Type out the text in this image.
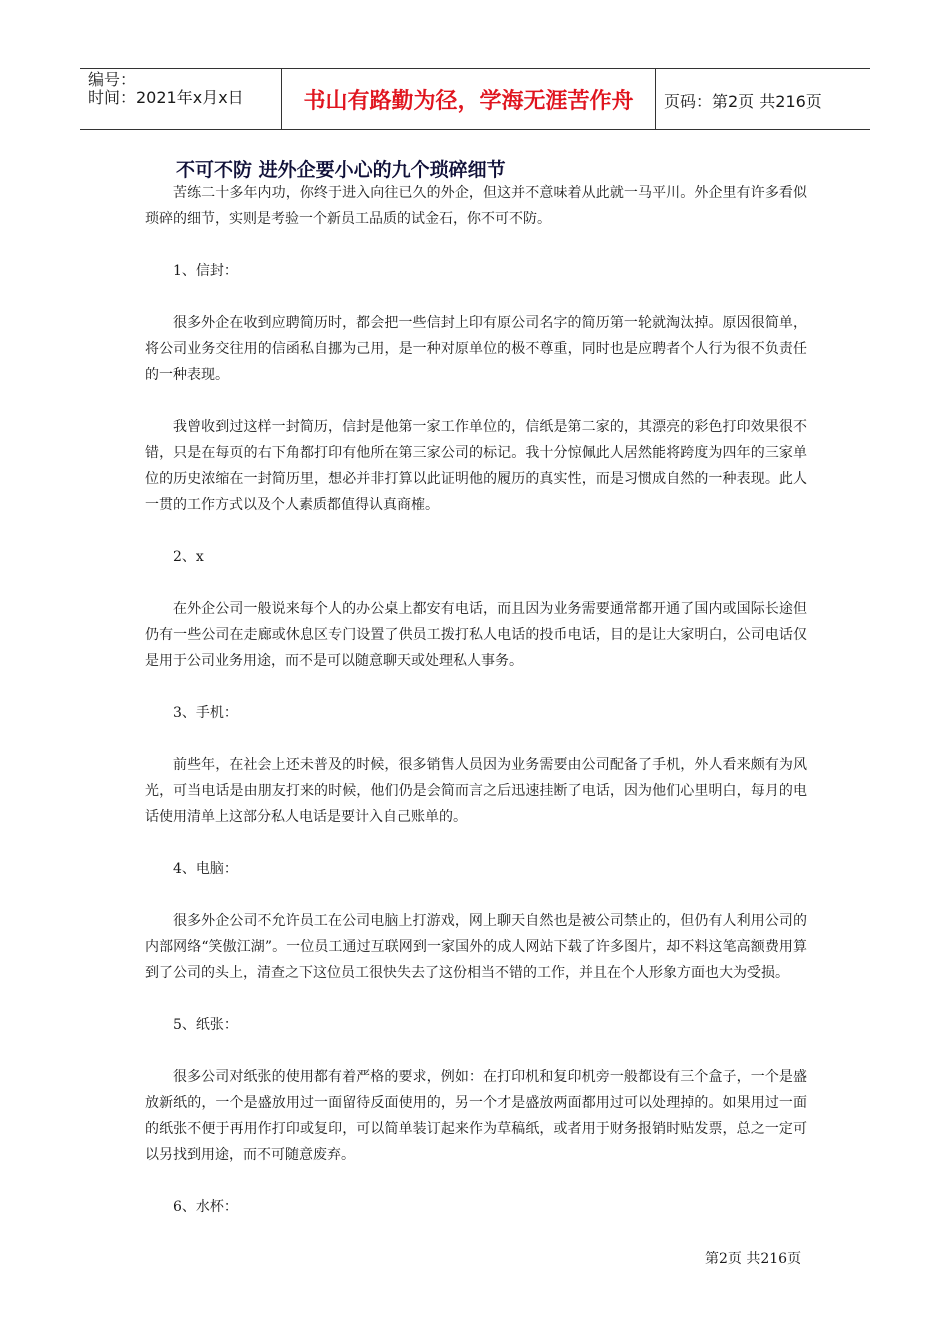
编号：
时间：2021年x月x日	书山有路勤为径，学海无涯苦作舟	页码：第2页 共216页
不可不防 进外企要小心的九个琐碎细节

苦练二十多年内功，你终于进入向往已久的外企，但这并不意味着从此就一马平川。外企里有许多看似琐碎的细节，实则是考验一个新员工品质的试金石，你不可不防。

1、信封：

很多外企在收到应聘简历时，都会把一些信封上印有原公司名字的简历第一轮就淘汰掉。原因很简单，将公司业务交往用的信函私自挪为己用，是一种对原单位的极不尊重，同时也是应聘者个人行为很不负责任的一种表现。

我曾收到过这样一封简历，信封是他第一家工作单位的，信纸是第二家的，其漂亮的彩色打印效果很不错，只是在每页的右下角都打印有他所在第三家公司的标记。我十分惊佩此人居然能将跨度为四年的三家单位的历史浓缩在一封简历里，想必并非打算以此证明他的履历的真实性，而是习惯成自然的一种表现。此人一贯的工作方式以及个人素质都值得认真商榷。

2、x

在外企公司一般说来每个人的办公桌上都安有电话，而且因为业务需要通常都开通了国内或国际长途但仍有一些公司在走廊或休息区专门设置了供员工拨打私人电话的投币电话，目的是让大家明白，公司电话仅是用于公司业务用途，而不是可以随意聊天或处理私人事务。

3、手机：

前些年，在社会上还未普及的时候，很多销售人员因为业务需要由公司配备了手机，外人看来颇有为风光，可当电话是由朋友打来的时候，他们仍是会简而言之后迅速挂断了电话，因为他们心里明白，每月的电话使用清单上这部分私人电话是要计入自己账单的。

4、电脑：

很多外企公司不允许员工在公司电脑上打游戏，网上聊天自然也是被公司禁止的，但仍有人利用公司的内部网络“笑傲江湖”。一位员工通过互联网到一家国外的成人网站下载了许多图片，却不料这笔高额费用算到了公司的头上，清查之下这位员工很快失去了这份相当不错的工作，并且在个人形象方面也大为受损。

5、纸张：

很多公司对纸张的使用都有着严格的要求，例如：在打印机和复印机旁一般都设有三个盒子，一个是盛放新纸的，一个是盛放用过一面留待反面使用的，另一个才是盛放两面都用过可以处理掉的。如果用过一面的纸张不便于再用作打印或复印，可以简单装订起来作为草稿纸，或者用于财务报销时贴发票，总之一定可以另找到用途，而不可随意废弃。

6、水杯：

第2页 共216页
